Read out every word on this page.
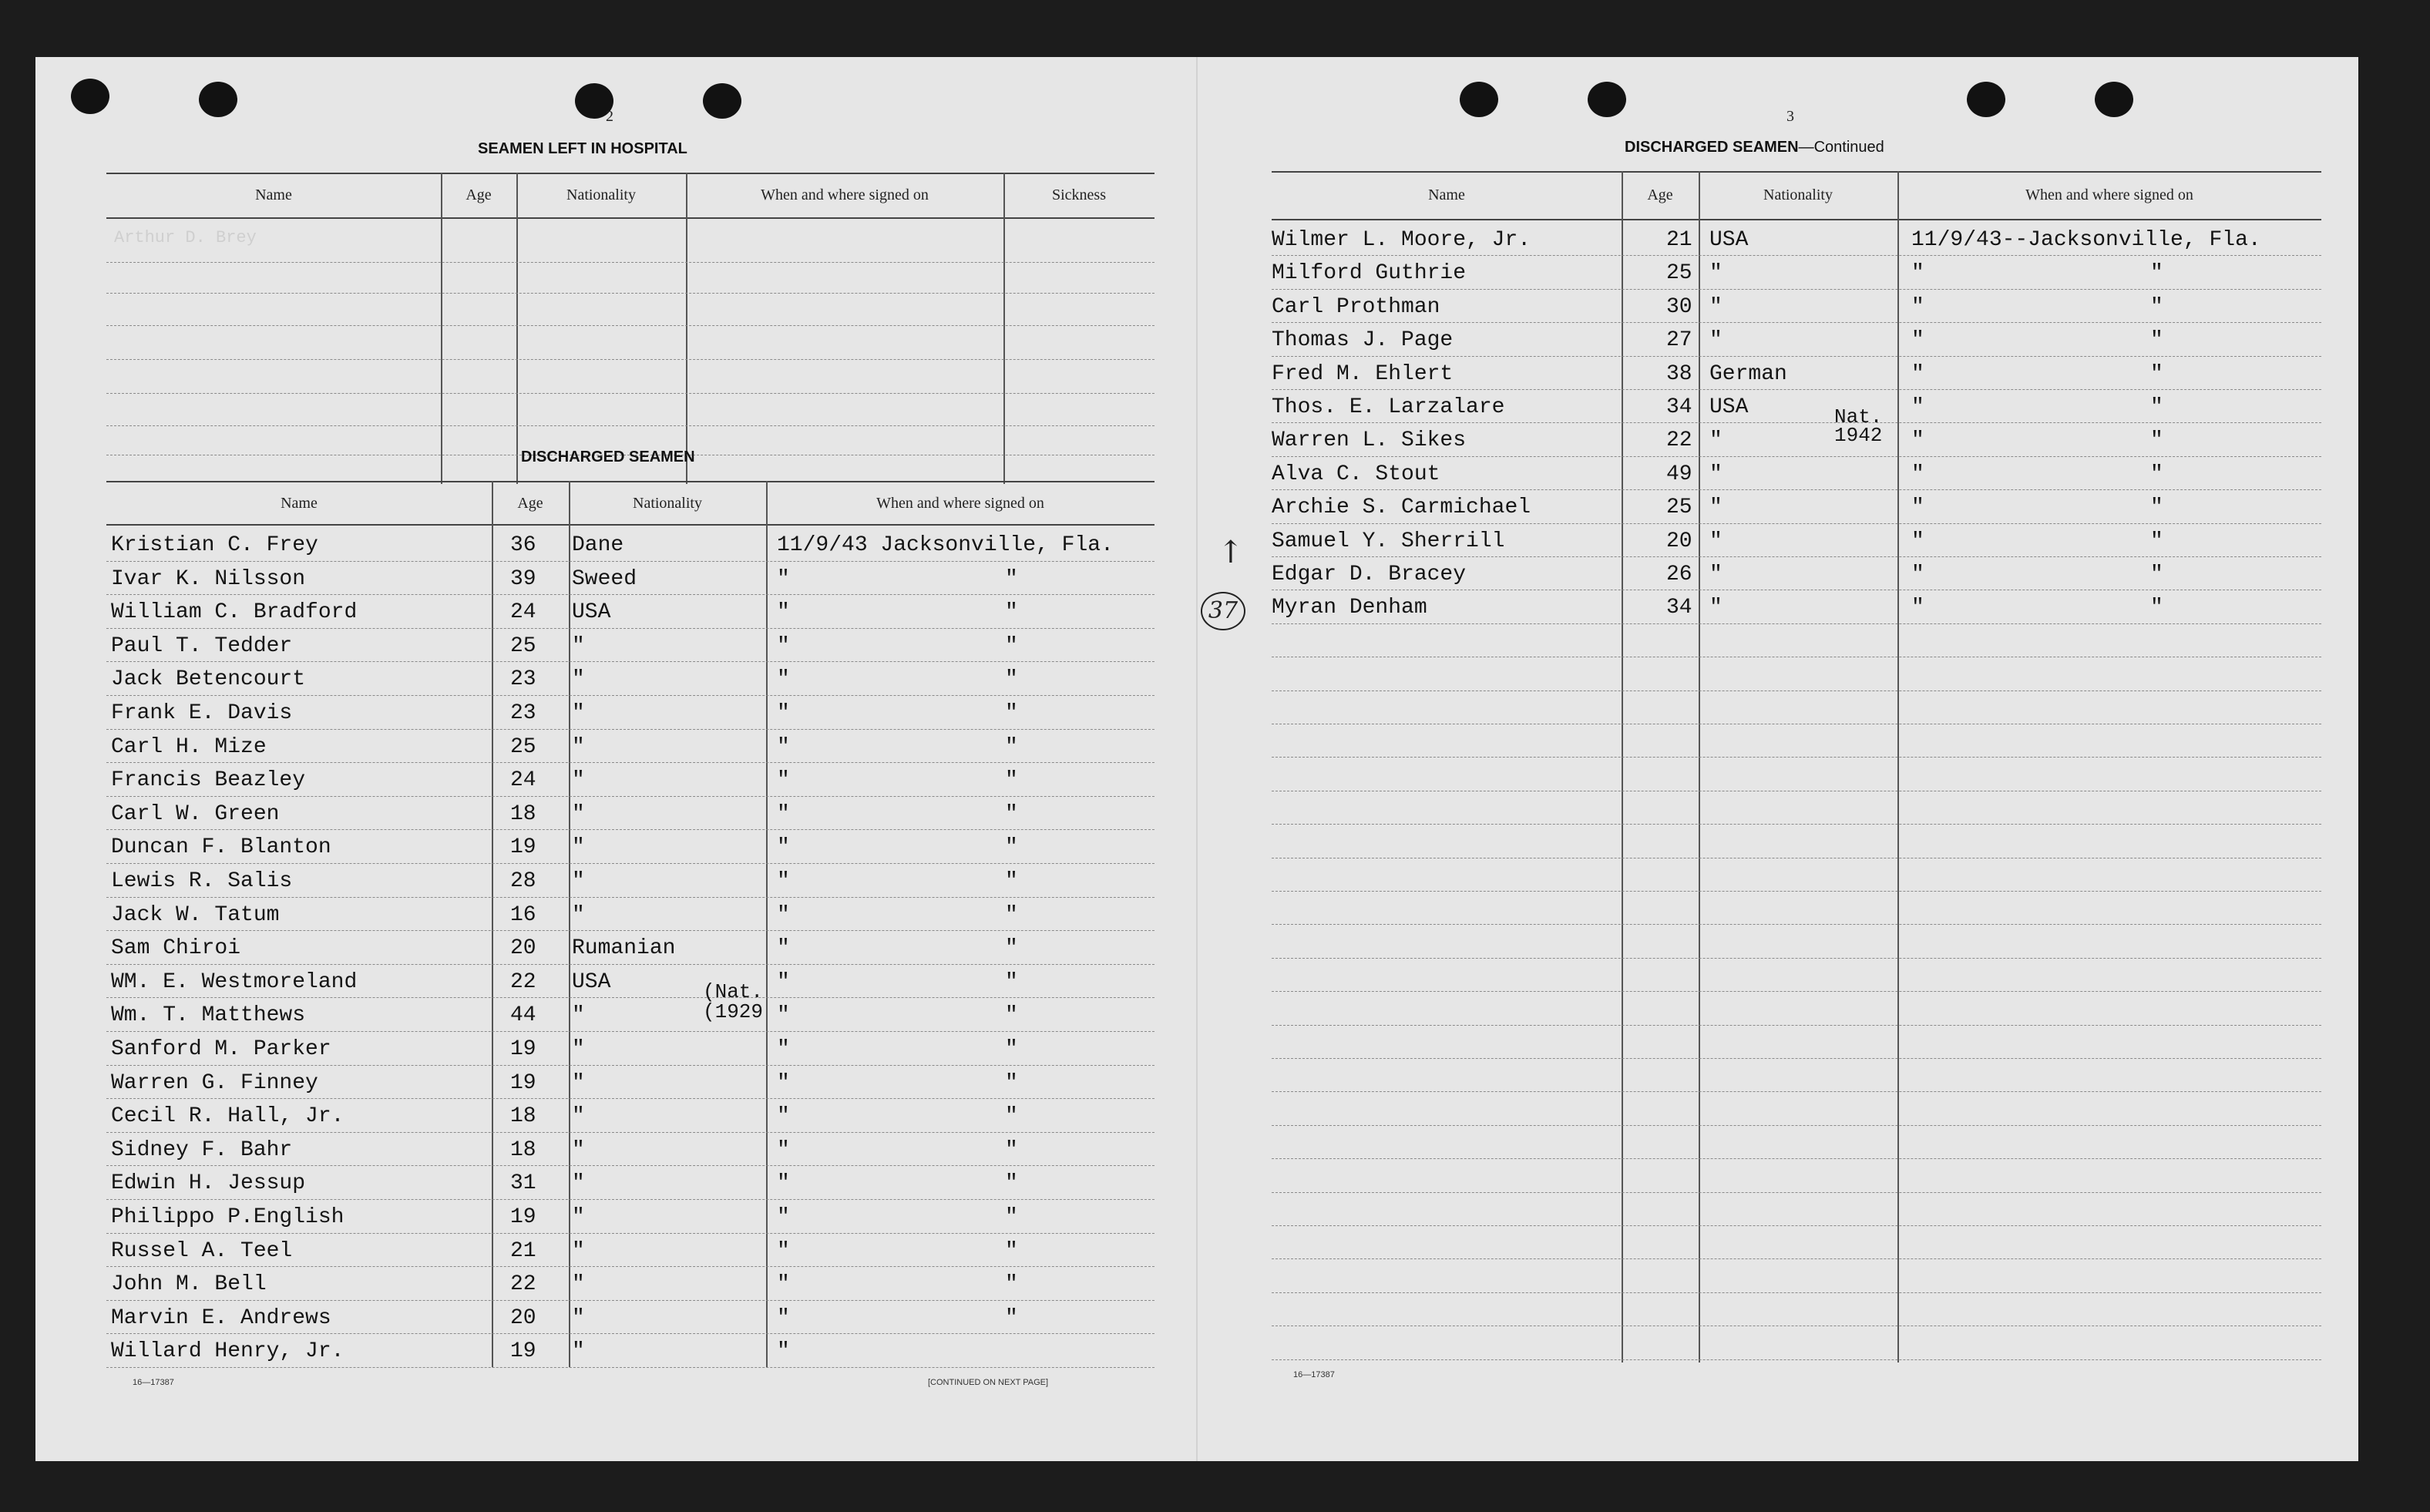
2
SEAMEN LEFT IN HOSPITAL
Name	Age	Nationality	When and where signed on	Sickness
Arthur D. Brey
DISCHARGED SEAMEN
Name	Age	Nationality	When and where signed on
Kristian C. Frey	36 Dane	11/9/43 Jacksonville, Fla.
Ivar K. Nilsson	39 Sweed	"	"
William C. Bradford	24 USA	"	"
Paul T. Tedder	25 "	"	"
Jack Betencourt	23 "	"	"
Frank E. Davis	23 "	"	"
Carl H. Mize	25 "	"	"
Francis Beazley	24 "	"	"
Carl W. Green	18 "	"	"
Duncan F. Blanton	19 "	"	"
Lewis R. Salis	28 "	"	"
Jack W. Tatum	16 "	"	"
Sam Chiroi	20 Rumanian	"	"
WM. E. Westmoreland	22 USA	"	"
Wm. T. Matthews	44 "	"	"
Sanford M. Parker	19 "	"	"
Warren G. Finney	19 "	"	"
Cecil R. Hall, Jr.	18 "	"	"
Sidney F. Bahr	18 "	"	"
Edwin H. Jessup	31 "	"	"
Philippo P.English	19 "	"	"
Russel A. Teel	21 "	"	"
John M. Bell	22 "	"	"
Marvin E. Andrews	20 "	"	"
Willard Henry, Jr.	19 "	"
(Nat.
(1929
16—17387	[CONTINUED ON NEXT PAGE]
3
DISCHARGED SEAMEN—Continued
Name	Age	Nationality	When and where signed on
Wilmer L. Moore, Jr.	21 USA	11/9/43--Jacksonville, Fla.
Milford Guthrie	25 "	"	"
Carl Prothman	30 "	"	"
Thomas J. Page	27 "	"	"
Fred M. Ehlert	38 German	"	"
Thos. E. Larzalare	34 USA	"	"
Warren L. Sikes	22 "	"	"
Alva C. Stout	49 "	"	"
Archie S. Carmichael	25 "	"	"
Samuel Y. Sherrill	20 "	"	"
Edgar D. Bracey	26 "	"	"
Myran Denham	34 "	"	"
Nat.
1942
↑
37
16—17387
